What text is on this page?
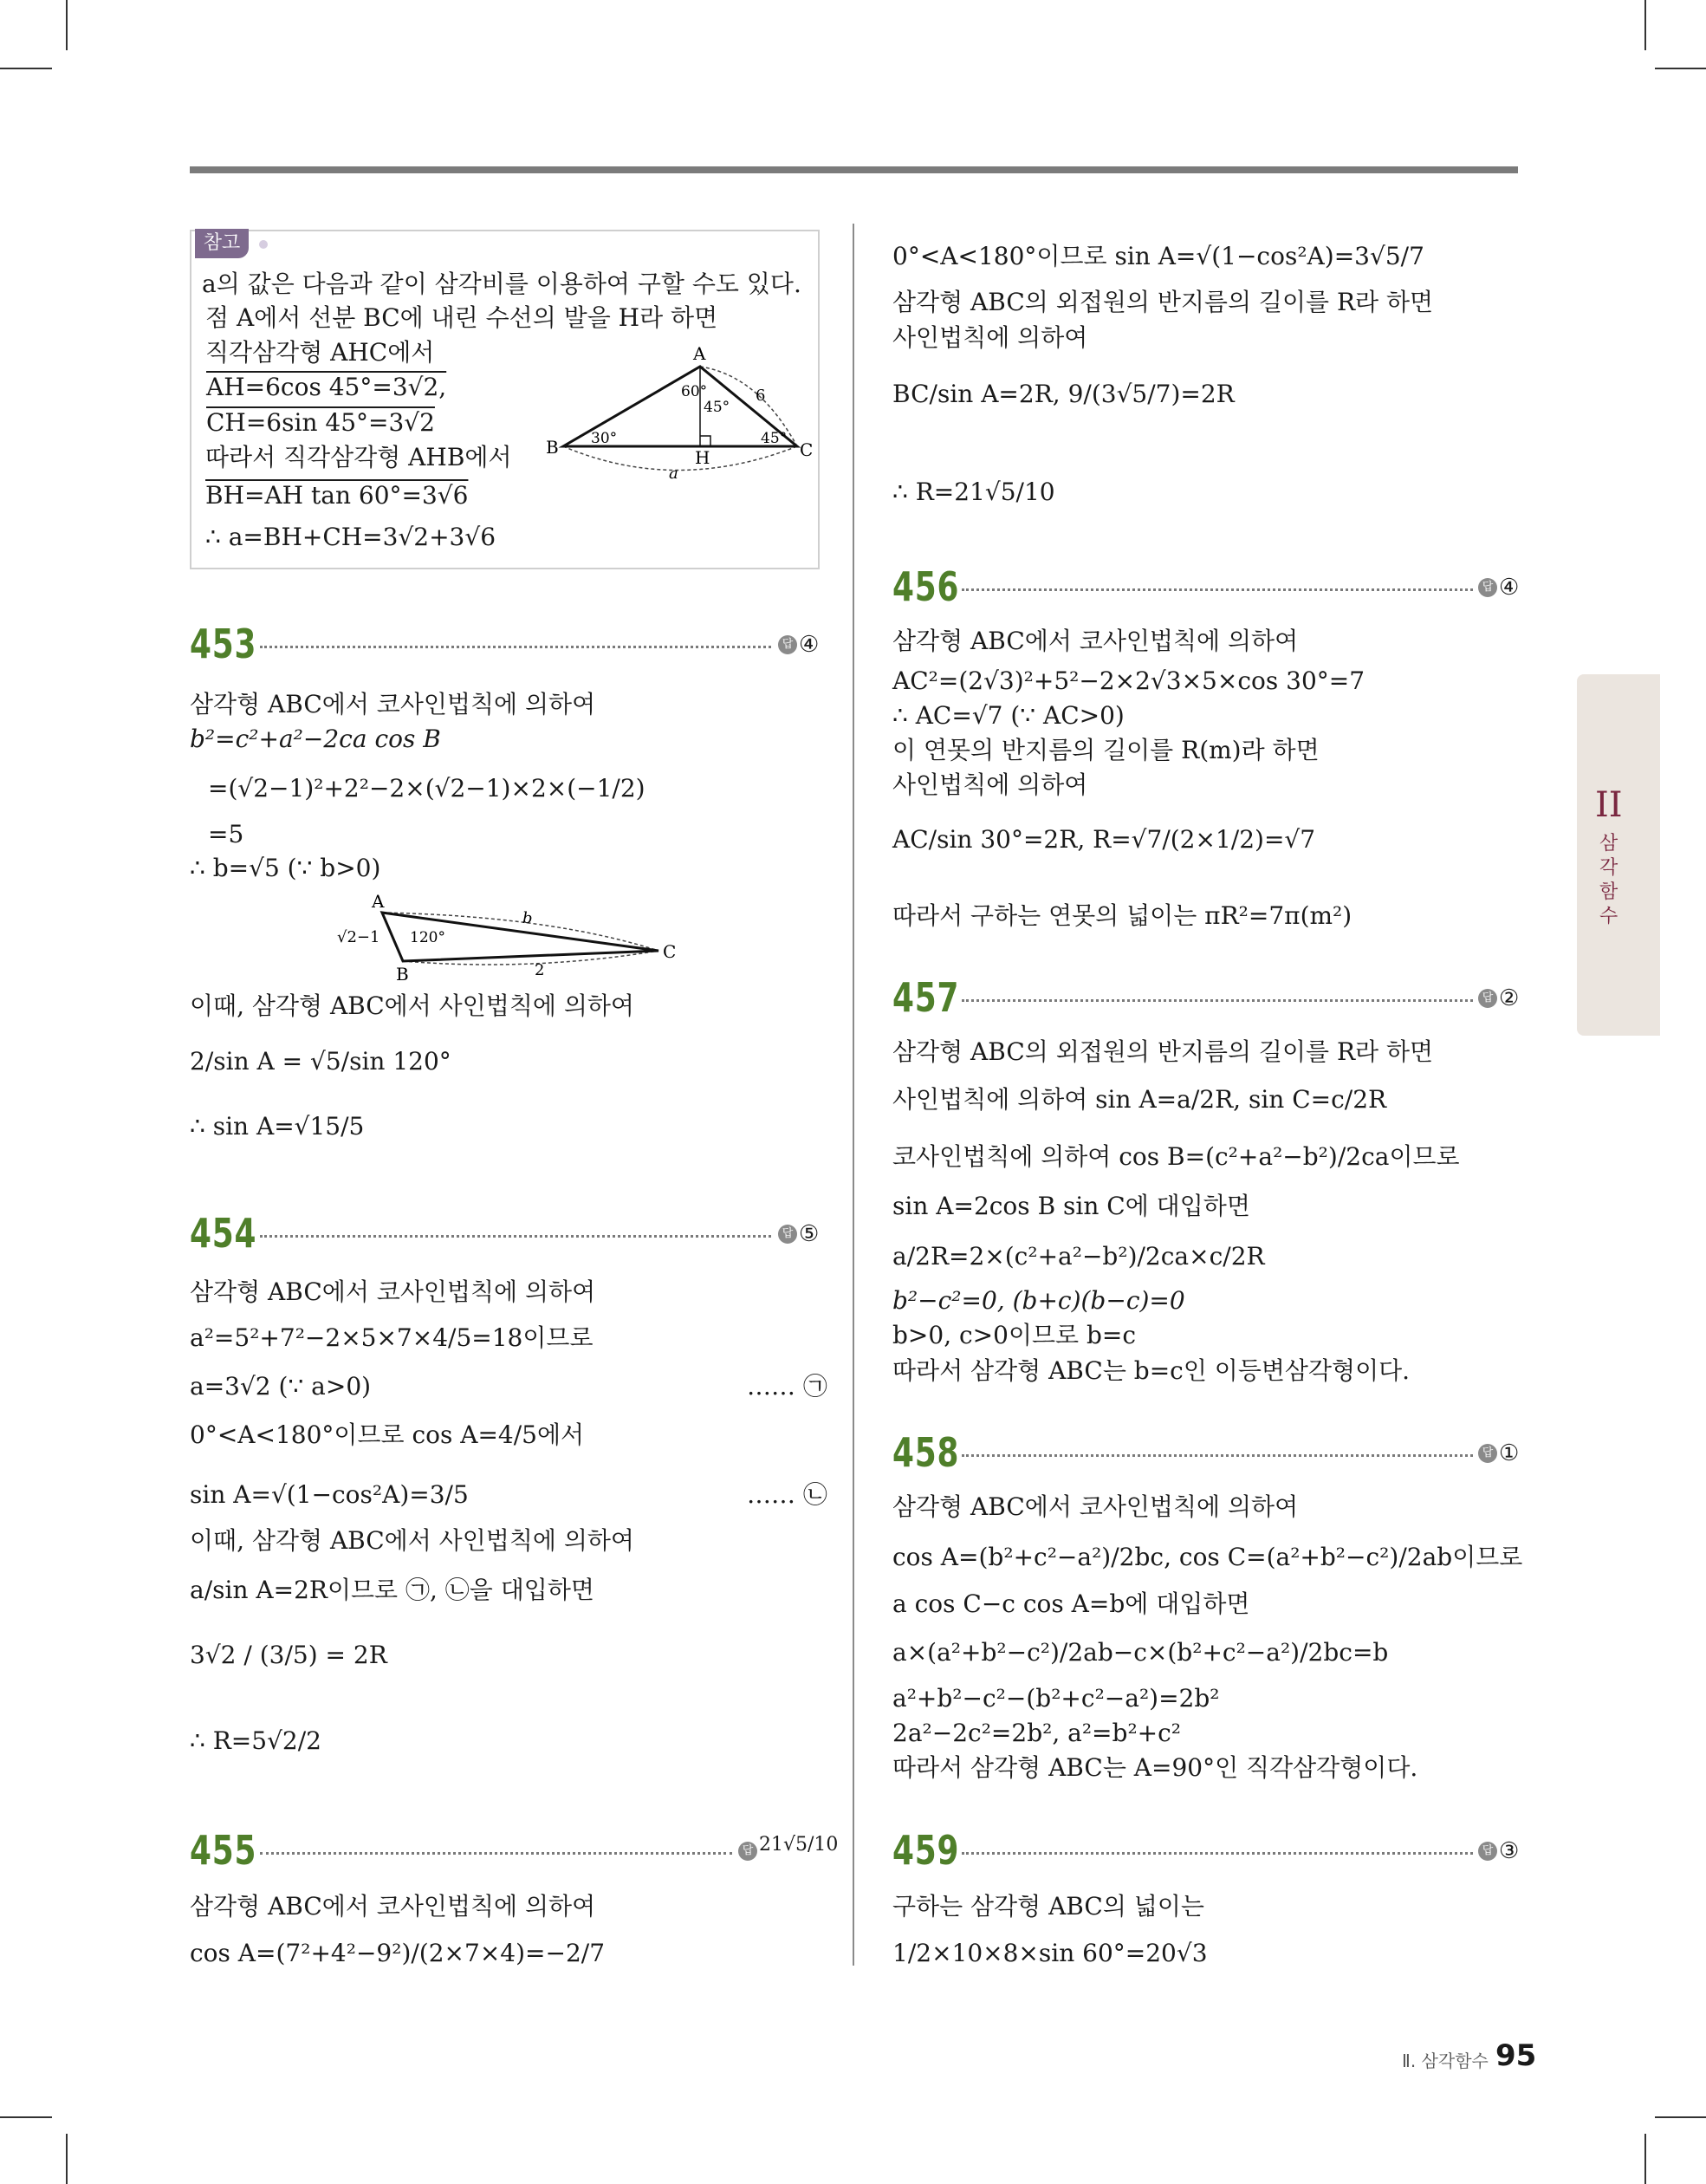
참고
a의 값은 다음과 같이 삼각비를 이용하여 구할 수도 있다.
점 A에서 선분 BC에 내린 수선의 발을 H라 하면
직각삼각형 AHC에서
AH=6cos 45°=3√2,
CH=6sin 45°=3√2
따라서 직각삼각형 AHB에서
BH=AH tan 60°=3√6
∴ a=BH+CH=3√2+3√6
A
B	C
H
30°
60°
45°
45°
6
a
453	답 ④
삼각형 ABC에서 코사인법칙에 의하여
b²=c²+a²−2ca cos B
=(√2−1)²+2²−2×(√2−1)×2×(−1/2)
=5
∴ b=√5 (∵ b>0)
A
B
C
√2−1
b
2
120°
이때, 삼각형 ABC에서 사인법칙에 의하여
2/sin A = √5/sin 120°
∴ sin A=√15/5
454	답 ⑤
삼각형 ABC에서 코사인법칙에 의하여
a²=5²+7²−2×5×7×4/5=18이므로
a=3√2 (∵ a>0)	…… ㉠
0°<A<180°이므로 cos A=4/5에서
sin A=√(1−cos²A)=3/5	…… ㉡
이때, 삼각형 ABC에서 사인법칙에 의하여
a/sin A=2R이므로 ㉠, ㉡을 대입하면
3√2 / (3/5) = 2R
∴ R=5√2/2
455	답 21√5/10
삼각형 ABC에서 코사인법칙에 의하여
cos A=(7²+4²−9²)/(2×7×4)=−2/7
0°<A<180°이므로 sin A=√(1−cos²A)=3√5/7
삼각형 ABC의 외접원의 반지름의 길이를 R라 하면
사인법칙에 의하여
BC/sin A=2R, 9/(3√5/7)=2R
∴ R=21√5/10
456	답 ④
삼각형 ABC에서 코사인법칙에 의하여
AC²=(2√3)²+5²−2×2√3×5×cos 30°=7
∴ AC=√7 (∵ AC>0)
이 연못의 반지름의 길이를 R(m)라 하면
사인법칙에 의하여
AC/sin 30°=2R, R=√7/(2×1/2)=√7
따라서 구하는 연못의 넓이는 πR²=7π(m²)
457	답 ②
삼각형 ABC의 외접원의 반지름의 길이를 R라 하면
사인법칙에 의하여 sin A=a/2R, sin C=c/2R
코사인법칙에 의하여 cos B=(c²+a²−b²)/2ca이므로
sin A=2cos B sin C에 대입하면
a/2R=2×(c²+a²−b²)/2ca×c/2R
b²−c²=0, (b+c)(b−c)=0
b>0, c>0이므로 b=c
따라서 삼각형 ABC는 b=c인 이등변삼각형이다.
458	답 ①
삼각형 ABC에서 코사인법칙에 의하여
cos A=(b²+c²−a²)/2bc, cos C=(a²+b²−c²)/2ab이므로
a cos C−c cos A=b에 대입하면
a×(a²+b²−c²)/2ab−c×(b²+c²−a²)/2bc=b
a²+b²−c²−(b²+c²−a²)=2b²
2a²−2c²=2b², a²=b²+c²
따라서 삼각형 ABC는 A=90°인 직각삼각형이다.
459	답 ③
구하는 삼각형 ABC의 넓이는
1/2×10×8×sin 60°=20√3
II
삼각함수
Ⅱ. 삼각함수 95
